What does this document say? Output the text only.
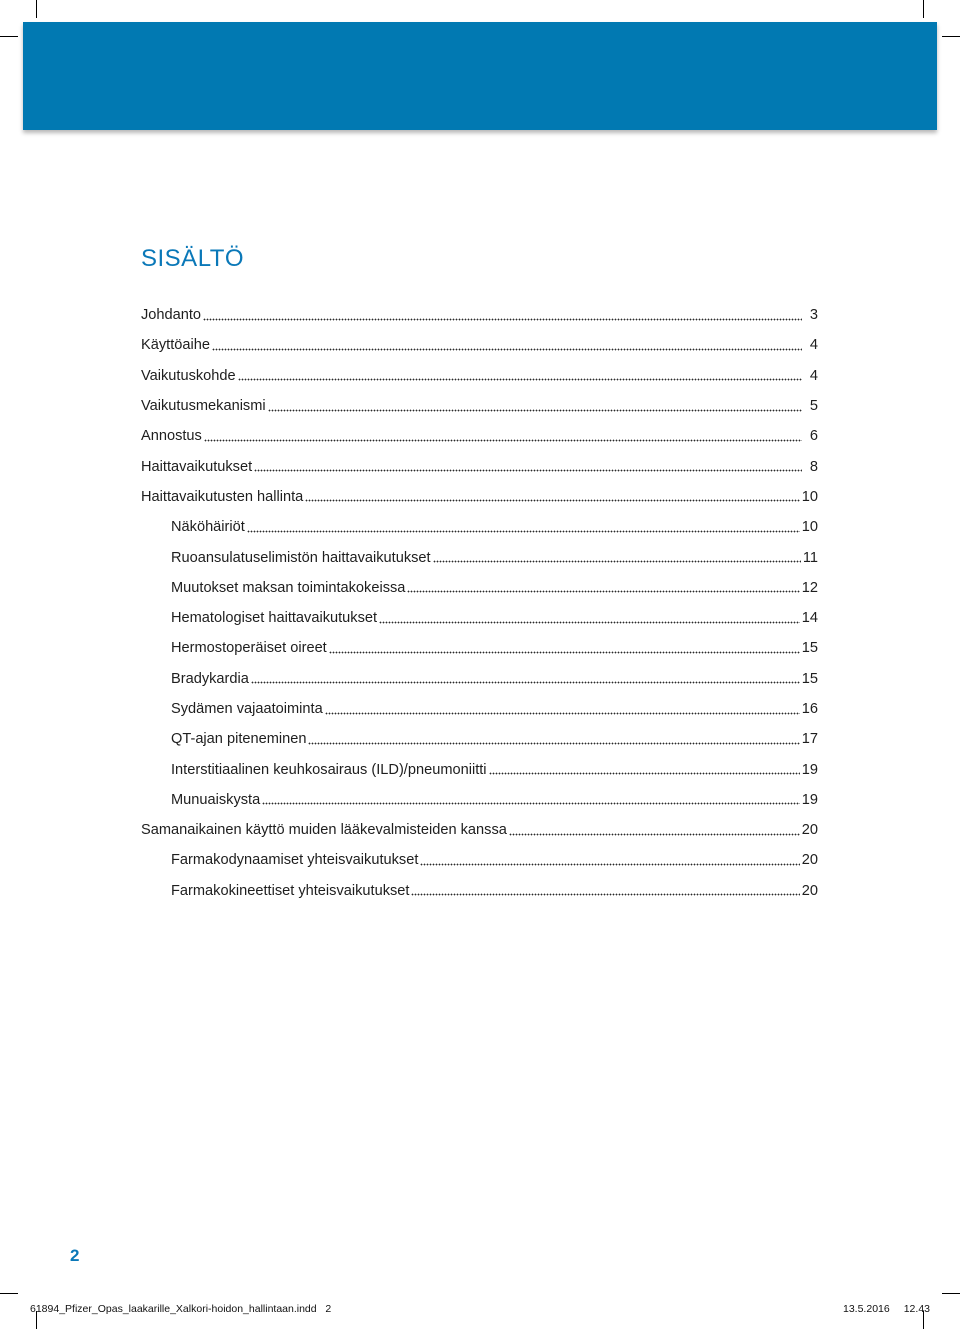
SISÄLTÖ
Johdanto	3
Käyttöaihe	4
Vaikutuskohde	4
Vaikutusmekanismi	5
Annostus	6
Haittavaikutukset	8
Haittavaikutusten hallinta	10
Näköhäiriöt	10
Ruoansulatuselimistön haittavaikutukset	11
Muutokset maksan toimintakokeissa	12
Hematologiset haittavaikutukset	14
Hermostoperäiset oireet	15
Bradykardia	15
Sydämen vajaatoiminta	16
QT-ajan piteneminen	17
Interstitiaalinen keuhkosairaus (ILD)/pneumoniitti	19
Munuaiskysta	19
Samanaikainen käyttö muiden lääkevalmisteiden kanssa	20
Farmakodynaamiset yhteisvaikutukset	20
Farmakokineettiset yhteisvaikutukset	20
2
61894_Pfizer_Opas_laakarille_Xalkori-hoidon_hallintaan.indd   2	13.5.2016 12.43
